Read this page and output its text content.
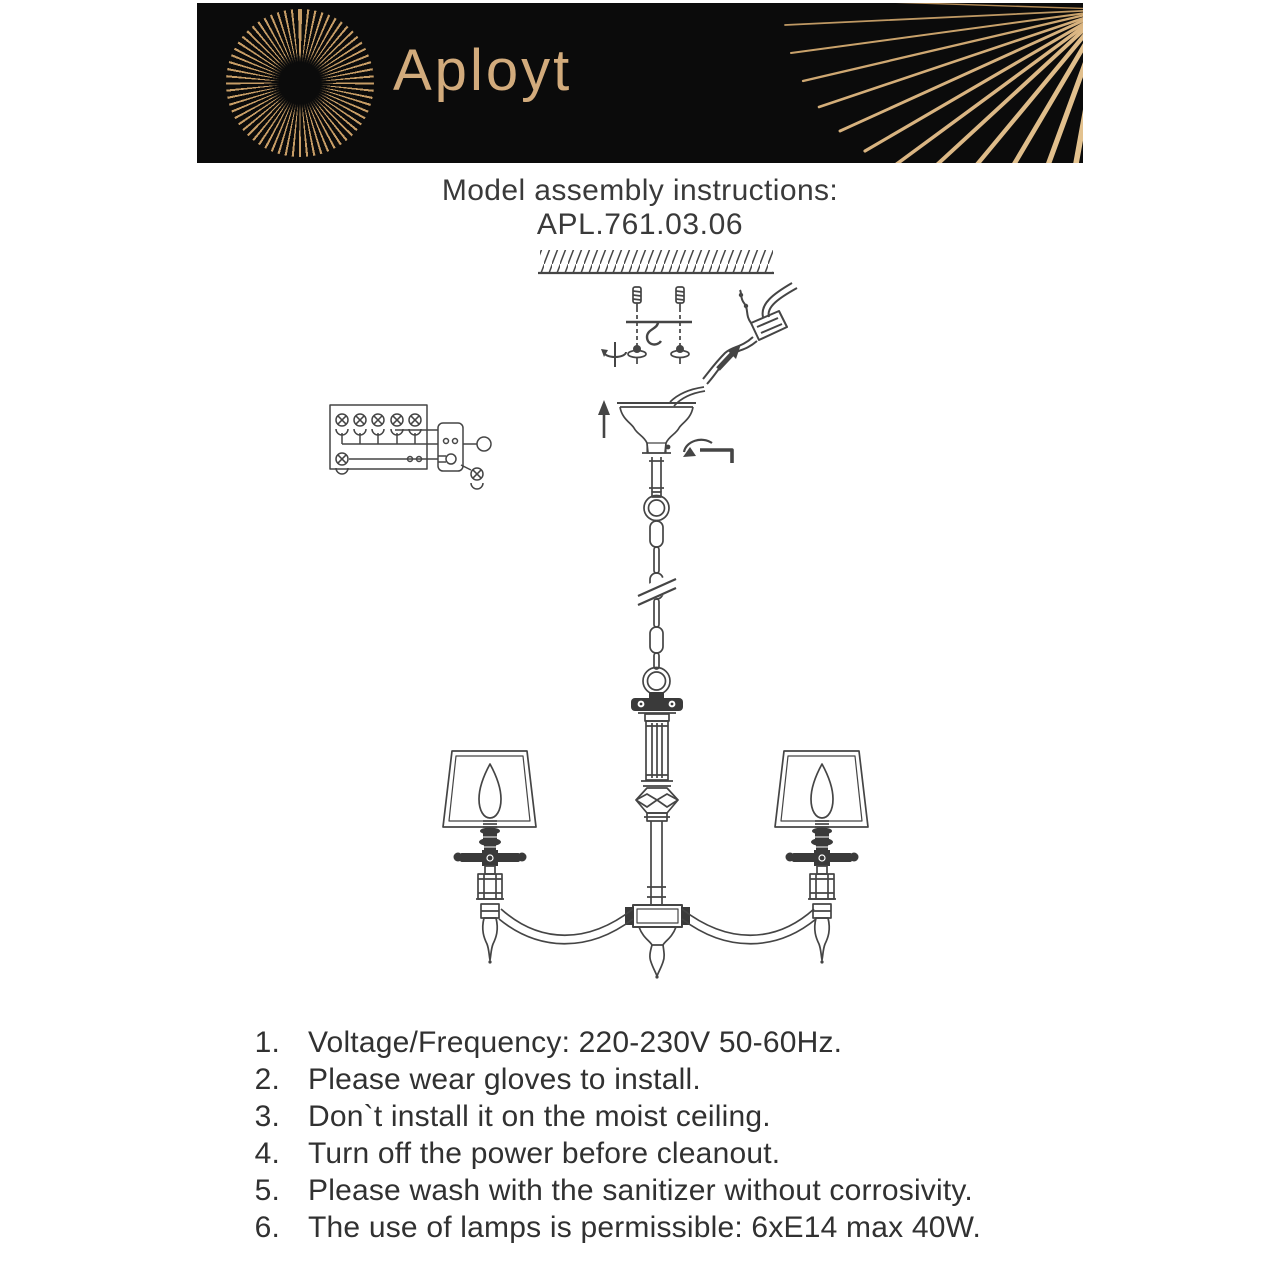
Aployt
Model assembly instructions:
APL.761.03.06
1. Voltage/Frequency: 220-230V 50-60Hz.
2. Please wear gloves to install.
3. Don`t install it on the moist ceiling.
4. Turn off the power before cleanout.
5. Please wash with the sanitizer without corrosivity.
6. The use of lamps is permissible: 6xE14 max 40W.
